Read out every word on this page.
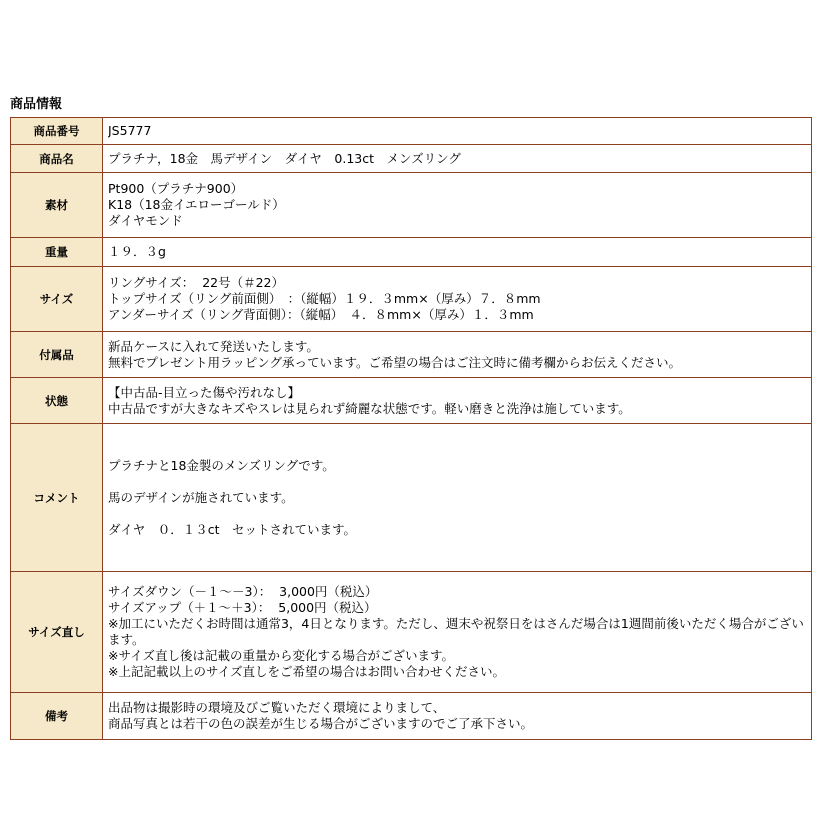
商品情報
商品番号	JS5777

商品名	プラチナ，18金　馬デザイン　ダイヤ　0.13ct　メンズリング

素材	Pt900（プラチナ900）
K18（18金イエローゴールド）
ダイヤモンド

重量	１９．３g

サイズ	リングサイズ：  22号（＃22）
トップサイズ（リング前面側）　：（縦幅）１９．３mm×（厚み）７．８mm
アンダーサイズ（リング背面側）：（縦幅）　４．８mm×（厚み）１．３mm

付属品	新品ケースに入れて発送いたします。
無料でプレゼント用ラッピング承っています。ご希望の場合はご注文時に備考欄からお伝えください。

状態	【中古品-目立った傷や汚れなし】
中古品ですが大きなキズやスレは見られず綺麗な状態です。軽い磨きと洗浄は施しています。

コメント	プラチナと18金製のメンズリングです。
馬のデザインが施されています。
ダイヤ　０．１３ct　セットされています。

サイズ直し	サイズダウン（－１～－3）：  3,000円（税込）
サイズアップ（＋１～＋3）：  5,000円（税込）
※加工にいただくお時間は通常3，4日となります。ただし、週末や祝祭日をはさんだ場合は1週間前後いただく場合がございます。
※サイズ直し後は記載の重量から変化する場合がございます。
※上記記載以上のサイズ直しをご希望の場合はお問い合わせください。

備考	出品物は撮影時の環境及びご覧いただく環境によりまして、
商品写真とは若干の色の誤差が生じる場合がございますのでご了承下さい。
